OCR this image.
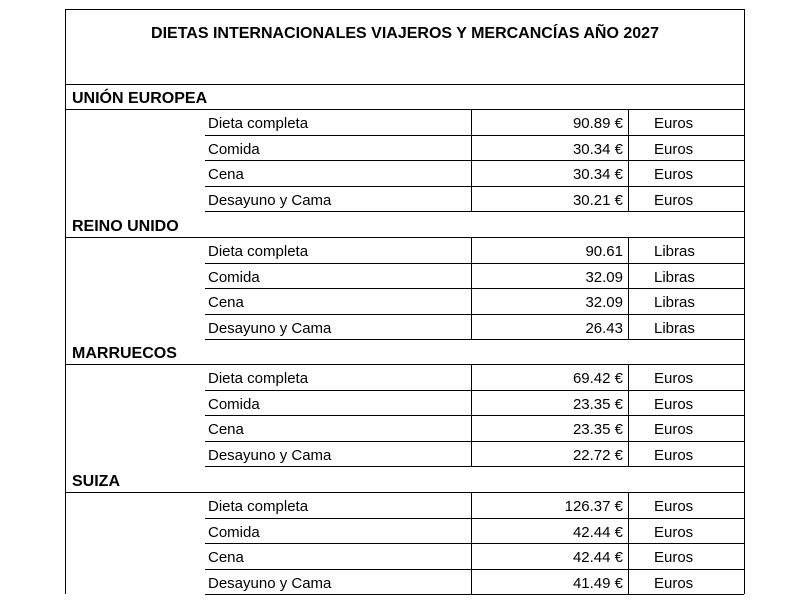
DIETAS INTERNACIONALES VIAJEROS Y MERCANCÍAS AÑO 2027
UNIÓN EUROPEA
Dieta completa	90.89 €	Euros
Comida	30.34 €	Euros
Cena	30.34 €	Euros
Desayuno y Cama	30.21 €	Euros
REINO UNIDO
Dieta completa	90.61	Libras
Comida	32.09	Libras
Cena	32.09	Libras
Desayuno y Cama	26.43	Libras
MARRUECOS
Dieta completa	69.42 €	Euros
Comida	23.35 €	Euros
Cena	23.35 €	Euros
Desayuno y Cama	22.72 €	Euros
SUIZA
Dieta completa	126.37 €	Euros
Comida	42.44 €	Euros
Cena	42.44 €	Euros
Desayuno y Cama	41.49 €	Euros
